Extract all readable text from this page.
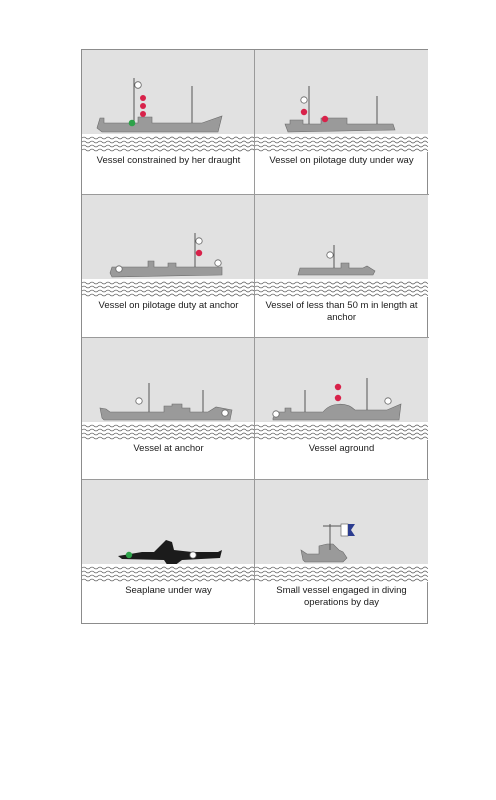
Vessel constrained by her draught	Vessel on pilotage duty under way
Vessel on pilotage duty at anchor	Vessel of less than 50 m in length at anchor
Vessel at anchor	Vessel aground
Seaplane under way	Small vessel engaged in diving operations by day
